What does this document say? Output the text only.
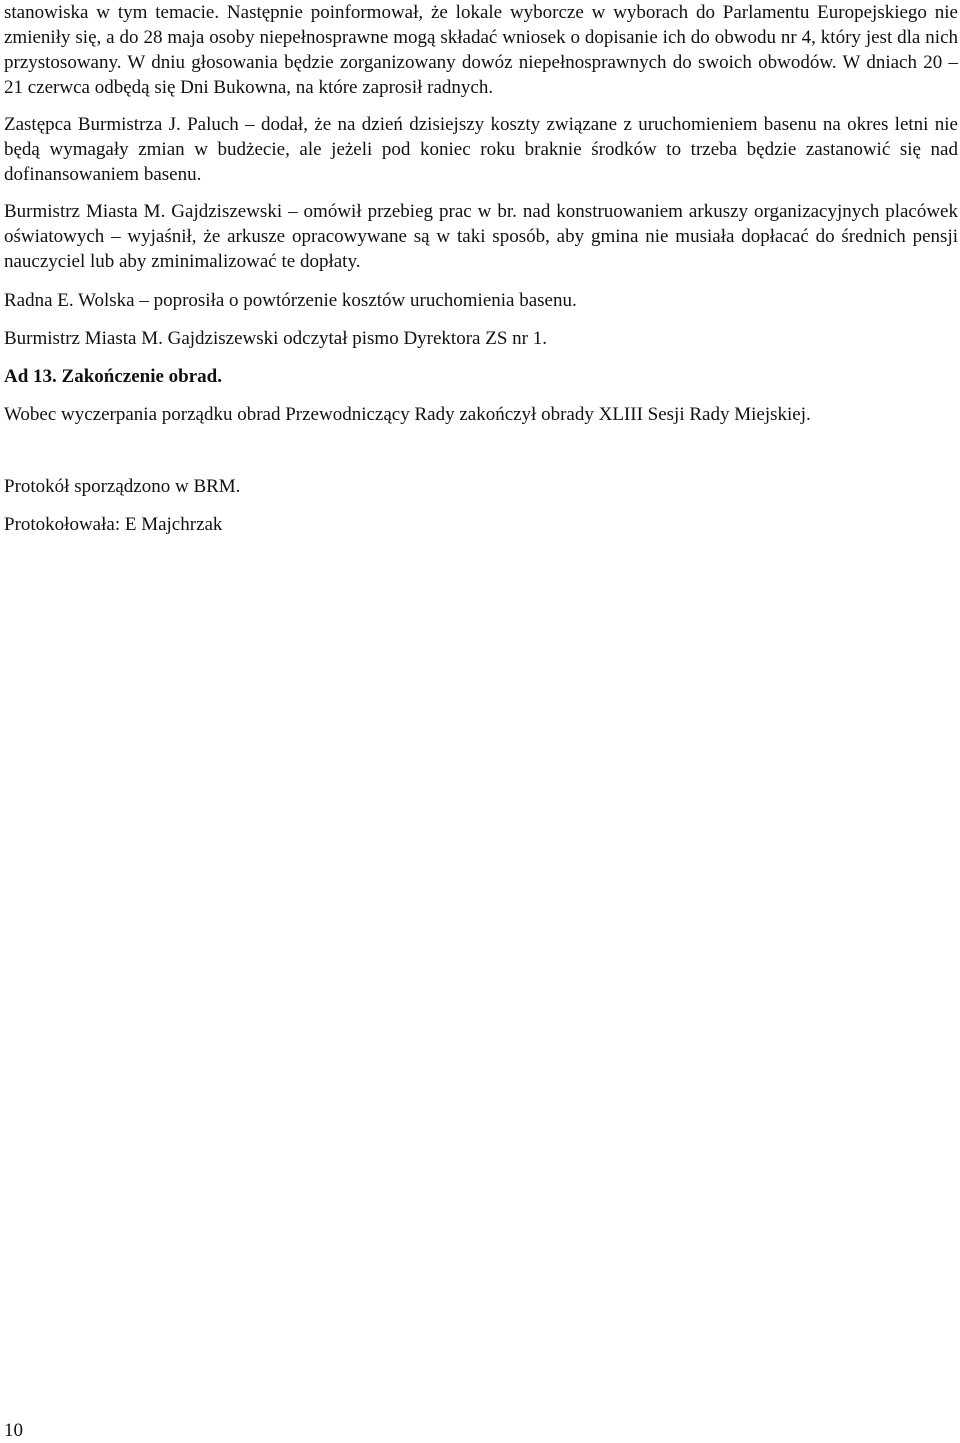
stanowiska w tym temacie. Następnie poinformował, że lokale wyborcze w wyborach do Parlamentu Europejskiego nie zmieniły się, a do 28 maja osoby niepełnosprawne mogą składać wniosek o dopisanie ich do obwodu nr 4, który jest dla nich przystosowany. W dniu głosowania będzie zorganizowany dowóz niepełnosprawnych do swoich obwodów. W dniach 20 – 21 czerwca odbędą się Dni Bukowna, na które zaprosił radnych.

Zastępca Burmistrza J. Paluch – dodał, że na dzień dzisiejszy koszty związane z uruchomieniem basenu na okres letni nie będą wymagały zmian w budżecie, ale jeżeli pod koniec roku braknie środków to trzeba będzie zastanowić się nad dofinansowaniem basenu.

Burmistrz Miasta M. Gajdziszewski – omówił przebieg prac w br. nad konstruowaniem arkuszy organizacyjnych placówek oświatowych – wyjaśnił, że arkusze opracowywane są w taki sposób, aby gmina nie musiała dopłacać do średnich pensji nauczyciel lub aby zminimalizować te dopłaty.

Radna E. Wolska – poprosiła o powtórzenie kosztów uruchomienia basenu.

Burmistrz Miasta M. Gajdziszewski odczytał pismo Dyrektora ZS nr 1.

Ad 13. Zakończenie obrad.

Wobec wyczerpania porządku obrad Przewodniczący Rady zakończył obrady XLIII Sesji Rady Miejskiej.

Protokół sporządzono w BRM.

Protokołowała: E Majchrzak

10
